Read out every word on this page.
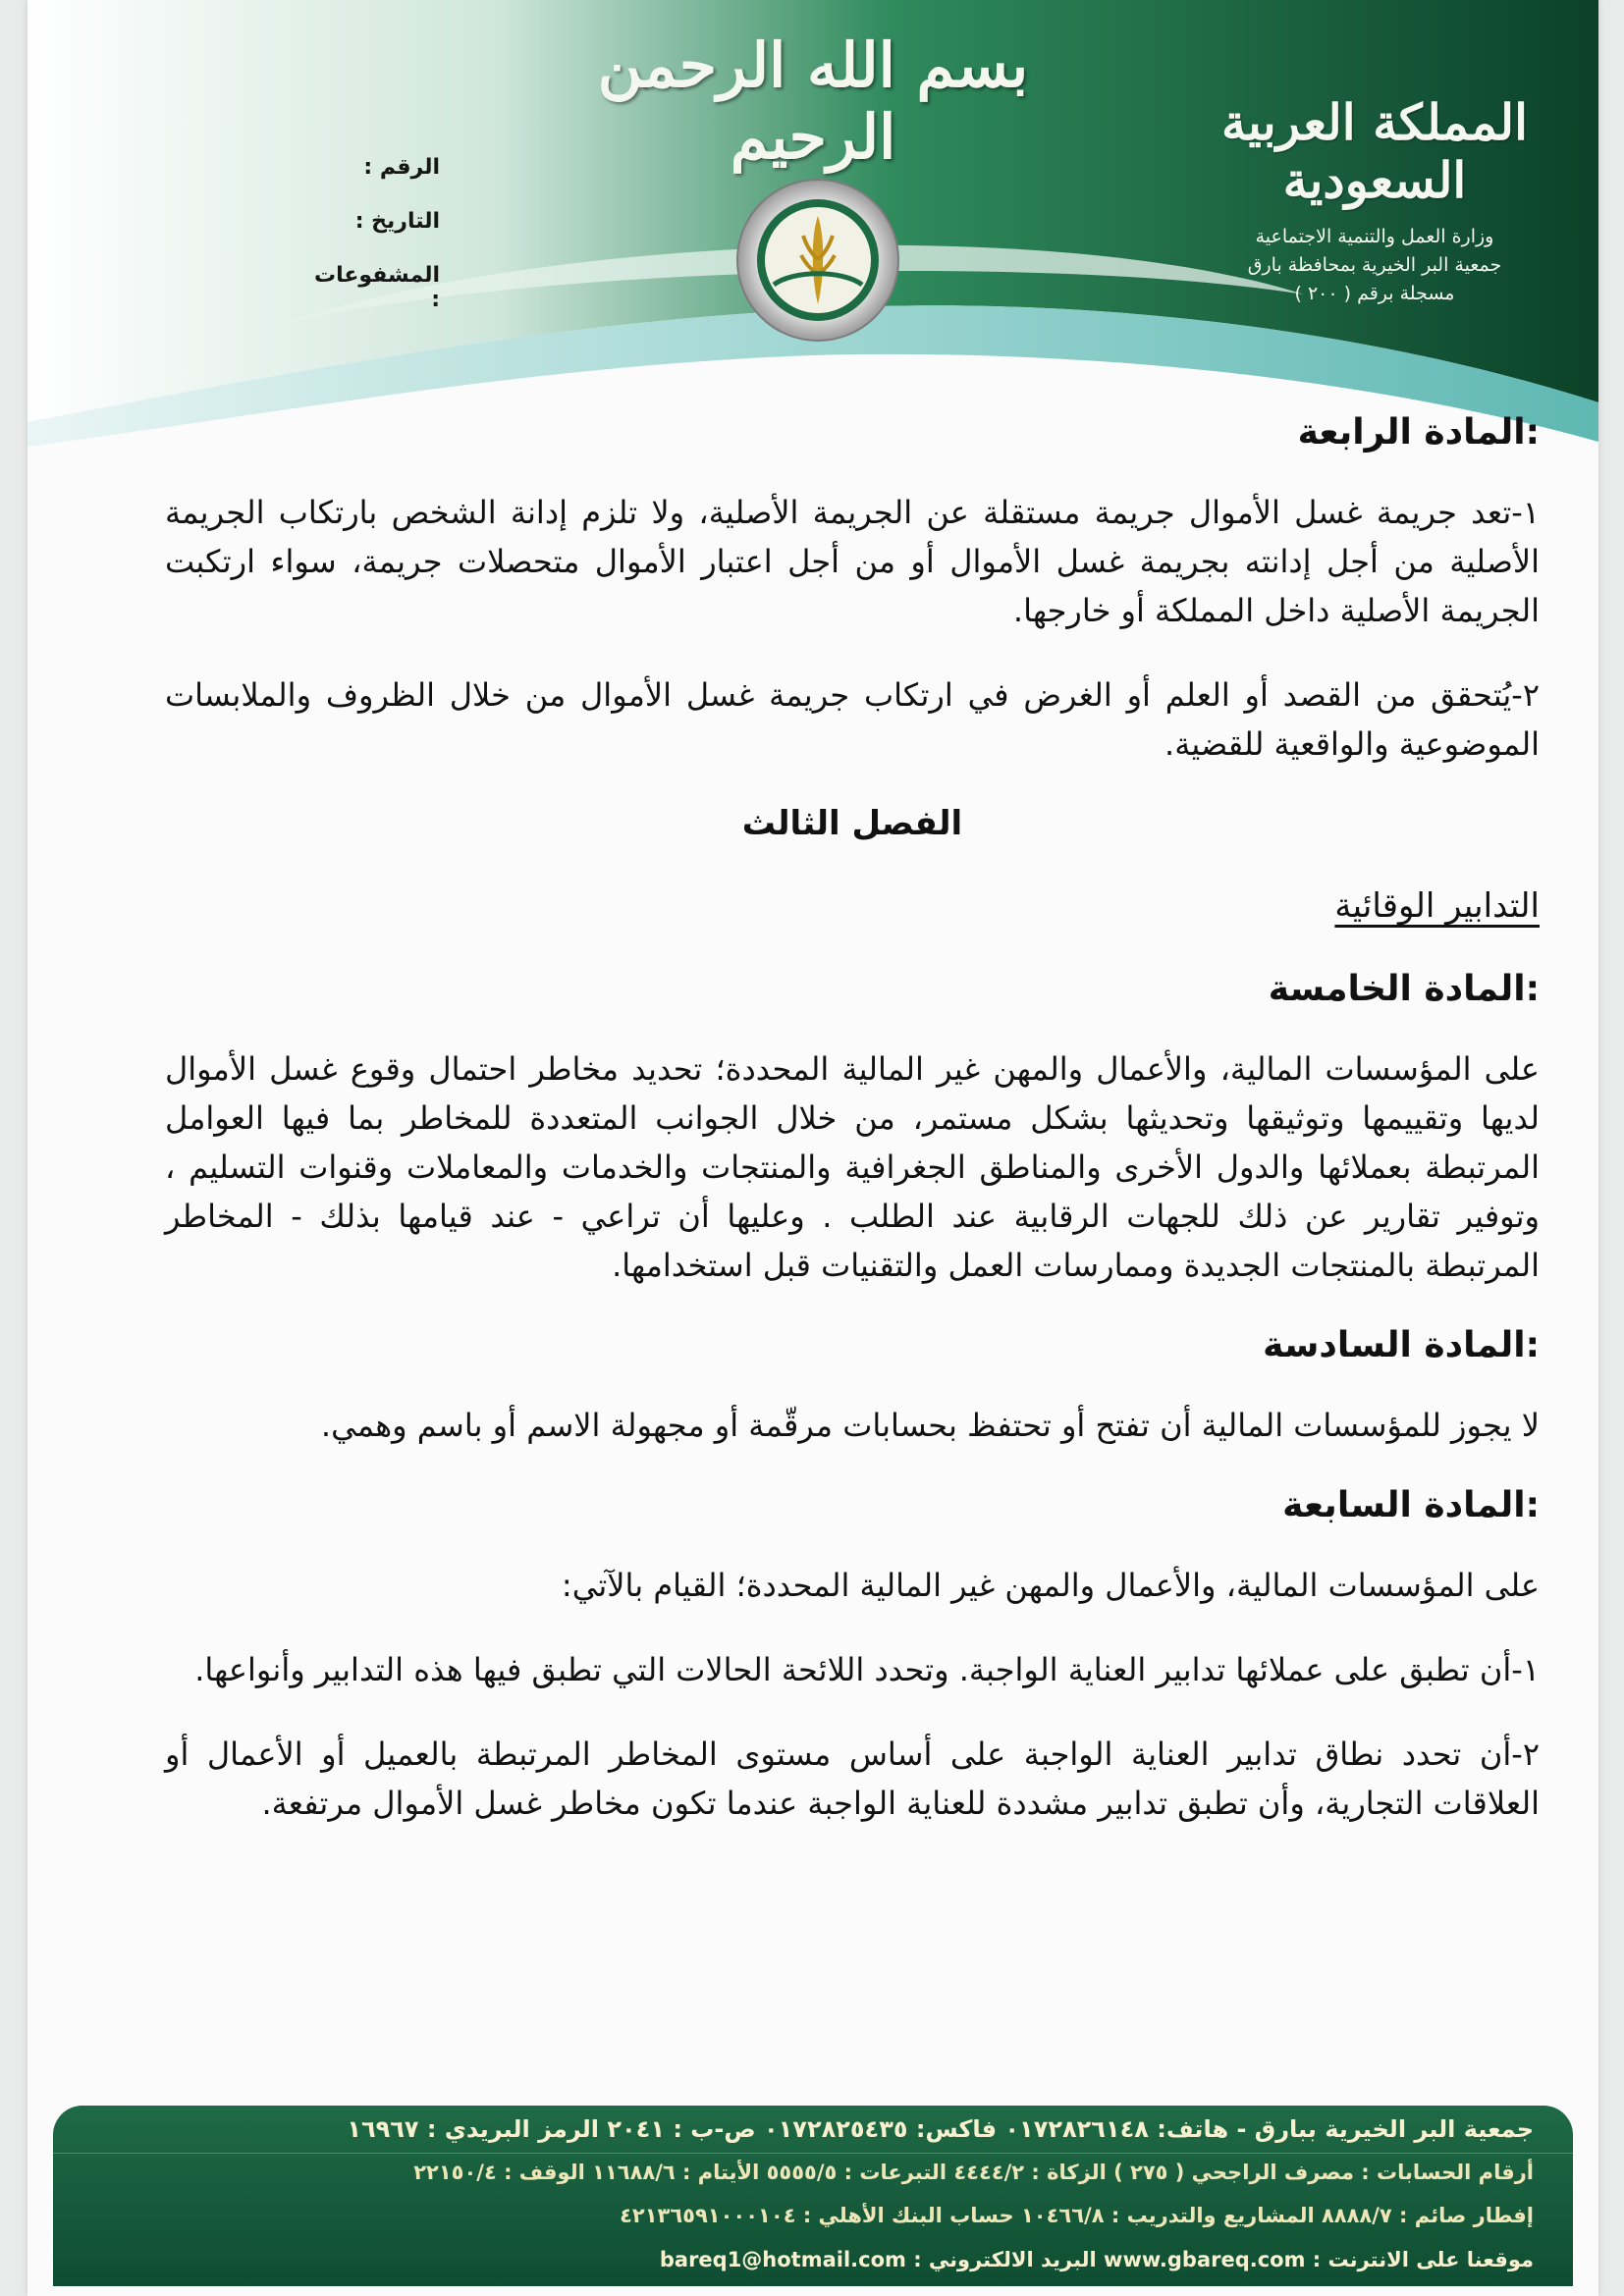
بسم الله الرحمن الرحيم	المملكة العربية السعودية
وزارة العمل والتنمية الاجتماعية
جمعية البر الخيرية بمحافظة بارق
مسجلة برقم ( ٢٠٠ )
الرقم :
التاريخ :
المشفوعات :
:المادة الرابعة

١-تعد جريمة غسل الأموال جريمة مستقلة عن الجريمة الأصلية، ولا تلزم إدانة الشخص بارتكاب الجريمة الأصلية من أجل إدانته بجريمة غسل الأموال أو من أجل اعتبار الأموال متحصلات جريمة، سواء ارتكبت الجريمة الأصلية داخل المملكة أو خارجها.

٢-يُتحقق من القصد أو العلم أو الغرض في ارتكاب جريمة غسل الأموال من خلال الظروف والملابسات الموضوعية والواقعية للقضية.

الفصل الثالث
التدابير الوقائية
:المادة الخامسة

على المؤسسات المالية، والأعمال والمهن غير المالية المحددة؛ تحديد مخاطر احتمال وقوع غسل الأموال لديها وتقييمها وتوثيقها وتحديثها بشكل مستمر، من خلال الجوانب المتعددة للمخاطر بما فيها العوامل المرتبطة بعملائها والدول الأخرى والمناطق الجغرافية والمنتجات والخدمات والمعاملات وقنوات التسليم ، وتوفير تقارير عن ذلك للجهات الرقابية عند الطلب . وعليها أن تراعي - عند قيامها بذلك - المخاطر المرتبطة بالمنتجات الجديدة وممارسات العمل والتقنيات قبل استخدامها.

:المادة السادسة

لا يجوز للمؤسسات المالية أن تفتح أو تحتفظ بحسابات مرقّمة أو مجهولة الاسم أو باسم وهمي.

:المادة السابعة

على المؤسسات المالية، والأعمال والمهن غير المالية المحددة؛ القيام بالآتي:

١-أن تطبق على عملائها تدابير العناية الواجبة. وتحدد اللائحة الحالات التي تطبق فيها هذه التدابير وأنواعها.

٢-أن تحدد نطاق تدابير العناية الواجبة على أساس مستوى المخاطر المرتبطة بالعميل أو الأعمال أو العلاقات التجارية، وأن تطبق تدابير مشددة للعناية الواجبة عندما تكون مخاطر غسل الأموال مرتفعة.

جمعية البر الخيرية ببارق - هاتف: ٠١٧٢٨٢٦١٤٨ فاكس: ٠١٧٢٨٢٥٤٣٥ ص-ب : ٢٠٤١ الرمز البريدي : ١٦٩٦٧
أرقام الحسابات : مصرف الراجحي ( ٢٧٥ ) الزكاة : ٤٤٤٤/٢ التبرعات : ٥٥٥٥/٥ الأيتام : ١١٦٨٨/٦ الوقف : ٢٢١٥٠/٤
إفطار صائم : ٨٨٨٨/٧ المشاريع والتدريب : ١٠٤٦٦/٨ حساب البنك الأهلي : ٤٢١٣٦٥٩١٠٠٠١٠٤
موقعنا على الانترنت : www.gbareq.com البريد الالكتروني : bareq1@hotmail.com
